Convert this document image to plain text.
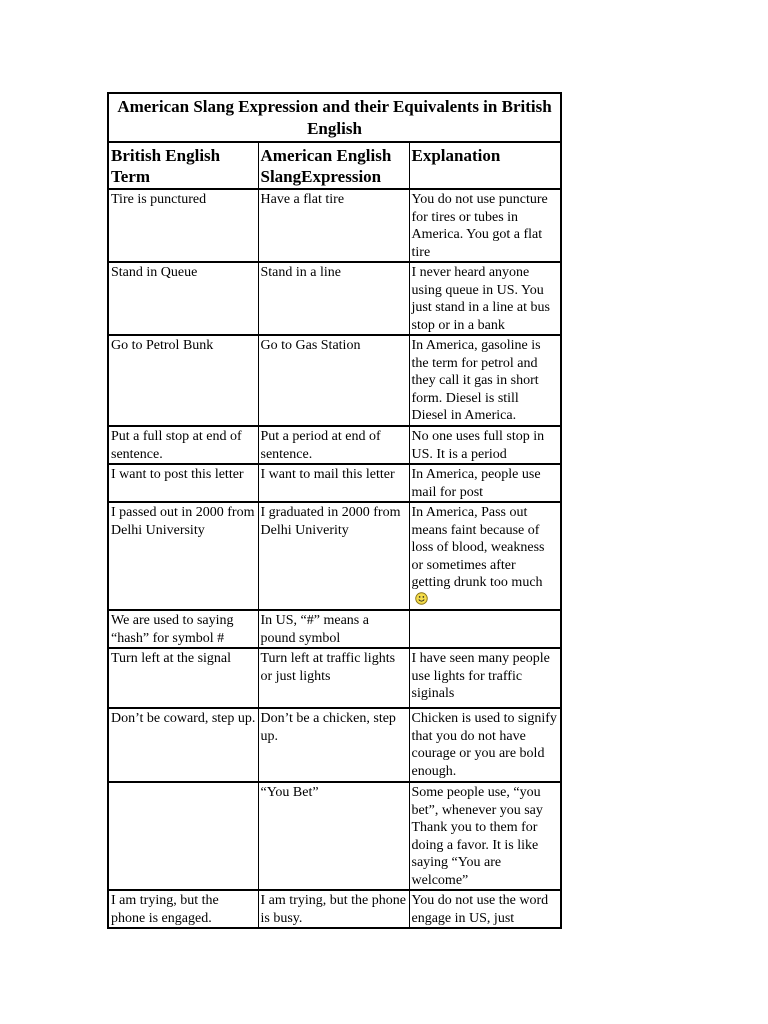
American Slang Expression and their Equivalents in British English		
British English Term	American English SlangExpression	Explanation
Tire is punctured	Have a flat tire	You do not use puncture for tires or tubes in America. You got a flat tire
Stand in Queue	Stand in a line	I never heard anyone using queue in US. You just stand in a line at bus stop or in a bank
Go to Petrol Bunk	Go to Gas Station	In America, gasoline is the term for petrol and they call it gas in short form. Diesel is still Diesel in America.
Put a full stop at end of sentence.	Put a period at end of sentence.	No one uses full stop in US. It is a period
I want to post this letter	I want to mail this letter	In America, people use mail for post
I passed out in 2000 from Delhi University	I graduated in 2000 from Delhi Univerity	In America, Pass out means faint because of loss of blood, weakness or sometimes after getting drunk too much
We are used to saying “hash” for symbol #	In US, “#” means a pound symbol	
Turn left at the signal	Turn left at traffic lights or just lights	I have seen many people use lights for traffic siginals
Don’t be coward, step up.	Don’t be a chicken, step up.	Chicken is used to signify that you do not have courage or you are bold enough.
	“You Bet”	Some people use, “you bet”, whenever you say Thank you to them for doing a favor. It is like saying “You are welcome”
I am trying, but the phone is engaged.	I am trying, but the phone is busy.	You do not use the word engage in US, just
